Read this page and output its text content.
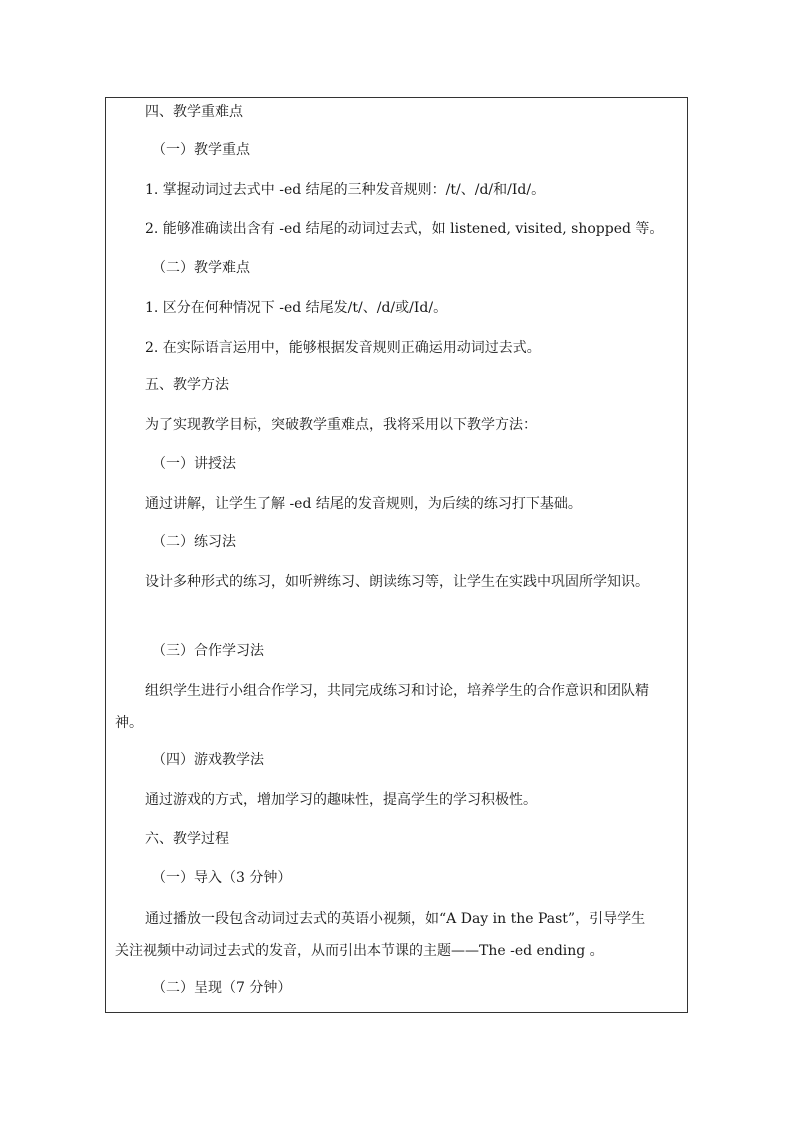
四、教学重难点
（一）教学重点
1. 掌握动词过去式中 -ed 结尾的三种发音规则：/t/、/d/和/Id/。
2. 能够准确读出含有 -ed 结尾的动词过去式，如 listened, visited, shopped 等。
（二）教学难点
1. 区分在何种情况下 -ed 结尾发/t/、/d/或/Id/。
2. 在实际语言运用中，能够根据发音规则正确运用动词过去式。
五、教学方法
为了实现教学目标，突破教学重难点，我将采用以下教学方法：
（一）讲授法
通过讲解，让学生了解 -ed 结尾的发音规则，为后续的练习打下基础。
（二）练习法
设计多种形式的练习，如听辨练习、朗读练习等，让学生在实践中巩固所学知识。
（三）合作学习法
组织学生进行小组合作学习，共同完成练习和讨论，培养学生的合作意识和团队精神。
（四）游戏教学法
通过游戏的方式，增加学习的趣味性，提高学生的学习积极性。
六、教学过程
（一）导入（3 分钟）
通过播放一段包含动词过去式的英语小视频，如“A Day in the Past”，引导学生关注视频中动词过去式的发音，从而引出本节课的主题——The -ed ending 。
（二）呈现（7 分钟）
